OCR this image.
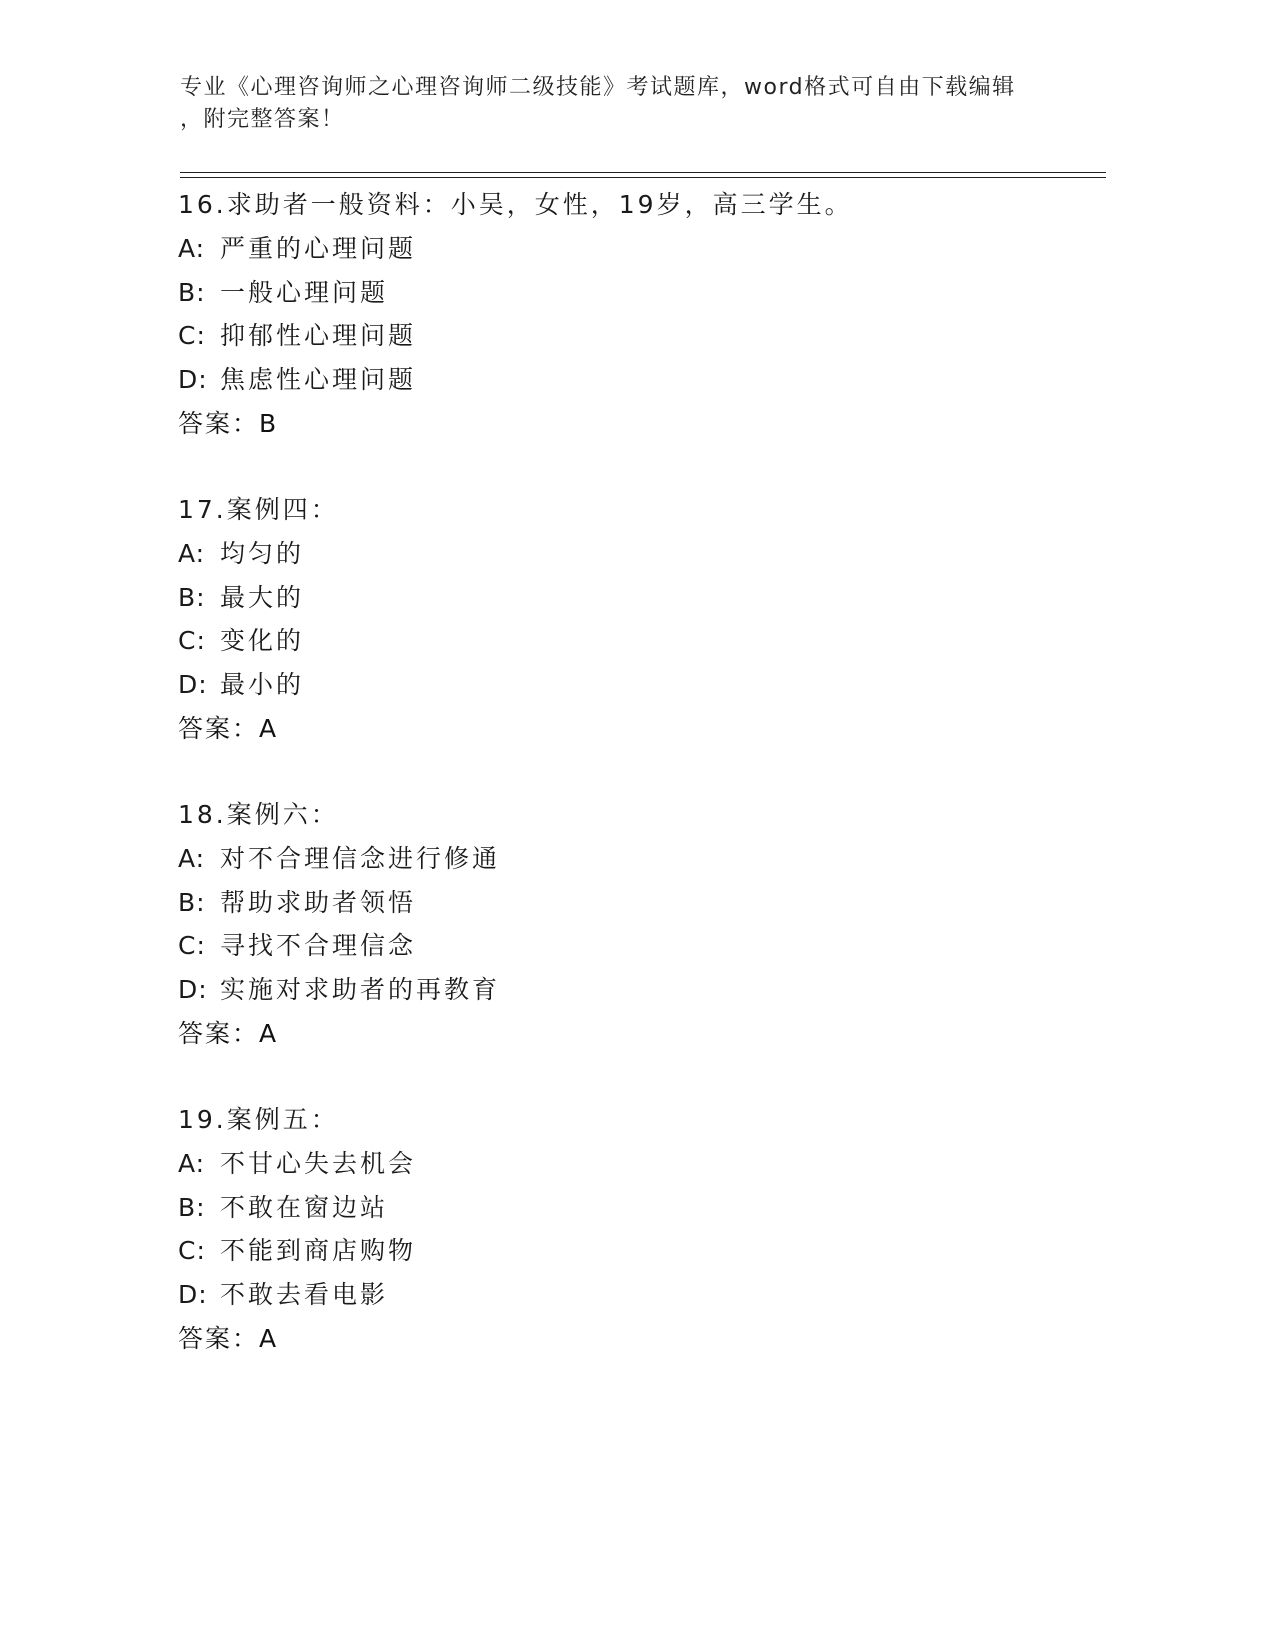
专业《心理咨询师之心理咨询师二级技能》考试题库，word格式可自由下载编辑

，附完整答案！

16.求助者一般资料：小吴，女性，19岁，高三学生。
A: 严重的心理问题
B: 一般心理问题
C: 抑郁性心理问题
D: 焦虑性心理问题
答案：B
17.案例四：
A: 均匀的
B: 最大的
C: 变化的
D: 最小的
答案：A
18.案例六：
A: 对不合理信念进行修通
B: 帮助求助者领悟
C: 寻找不合理信念
D: 实施对求助者的再教育
答案：A
19.案例五：
A: 不甘心失去机会
B: 不敢在窗边站
C: 不能到商店购物
D: 不敢去看电影
答案：A
